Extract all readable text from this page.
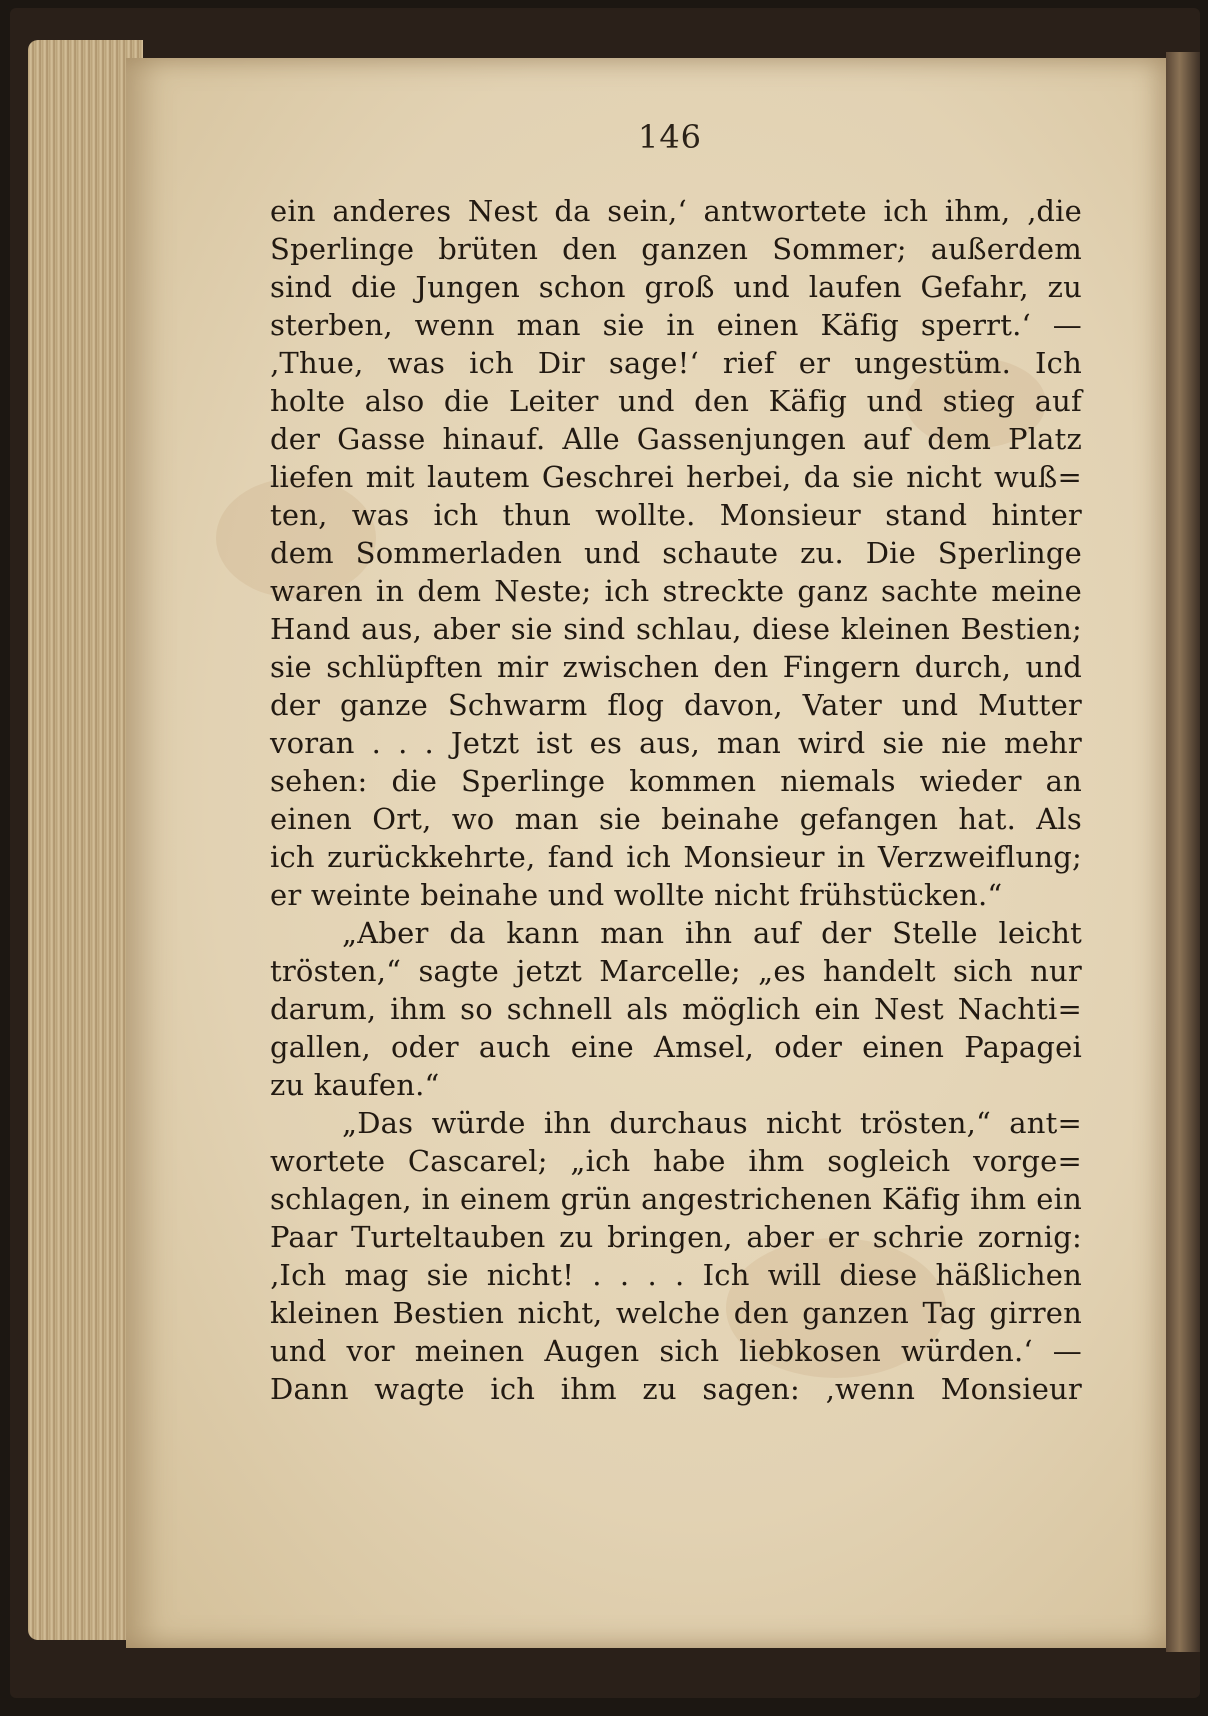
146
ein anderes Nest da sein,‘ antwortete ich ihm, ‚die
Sperlinge brüten den ganzen Sommer; außerdem
sind die Jungen schon groß und laufen Gefahr, zu
sterben, wenn man sie in einen Käfig sperrt.‘ —
‚Thue, was ich Dir sage!‘ rief er ungestüm. Ich
holte also die Leiter und den Käfig und stieg auf
der Gasse hinauf. Alle Gassenjungen auf dem Platz
liefen mit lautem Geschrei herbei, da sie nicht wuß=
ten, was ich thun wollte. Monsieur stand hinter
dem Sommerladen und schaute zu. Die Sperlinge
waren in dem Neste; ich streckte ganz sachte meine
Hand aus, aber sie sind schlau, diese kleinen Bestien;
sie schlüpften mir zwischen den Fingern durch, und
der ganze Schwarm flog davon, Vater und Mutter
voran . . . Jetzt ist es aus, man wird sie nie mehr
sehen: die Sperlinge kommen niemals wieder an
einen Ort, wo man sie beinahe gefangen hat. Als
ich zurückkehrte, fand ich Monsieur in Verzweiflung;
er weinte beinahe und wollte nicht frühstücken.“
„Aber da kann man ihn auf der Stelle leicht
trösten,“ sagte jetzt Marcelle; „es handelt sich nur
darum, ihm so schnell als möglich ein Nest Nachti=
gallen, oder auch eine Amsel, oder einen Papagei
zu kaufen.“
„Das würde ihn durchaus nicht trösten,“ ant=
wortete Cascarel; „ich habe ihm sogleich vorge=
schlagen, in einem grün angestrichenen Käfig ihm ein
Paar Turteltauben zu bringen, aber er schrie zornig:
‚Ich mag sie nicht! . . . . Ich will diese häßlichen
kleinen Bestien nicht, welche den ganzen Tag girren
und vor meinen Augen sich liebkosen würden.‘ —
Dann wagte ich ihm zu sagen: ‚wenn Monsieur
